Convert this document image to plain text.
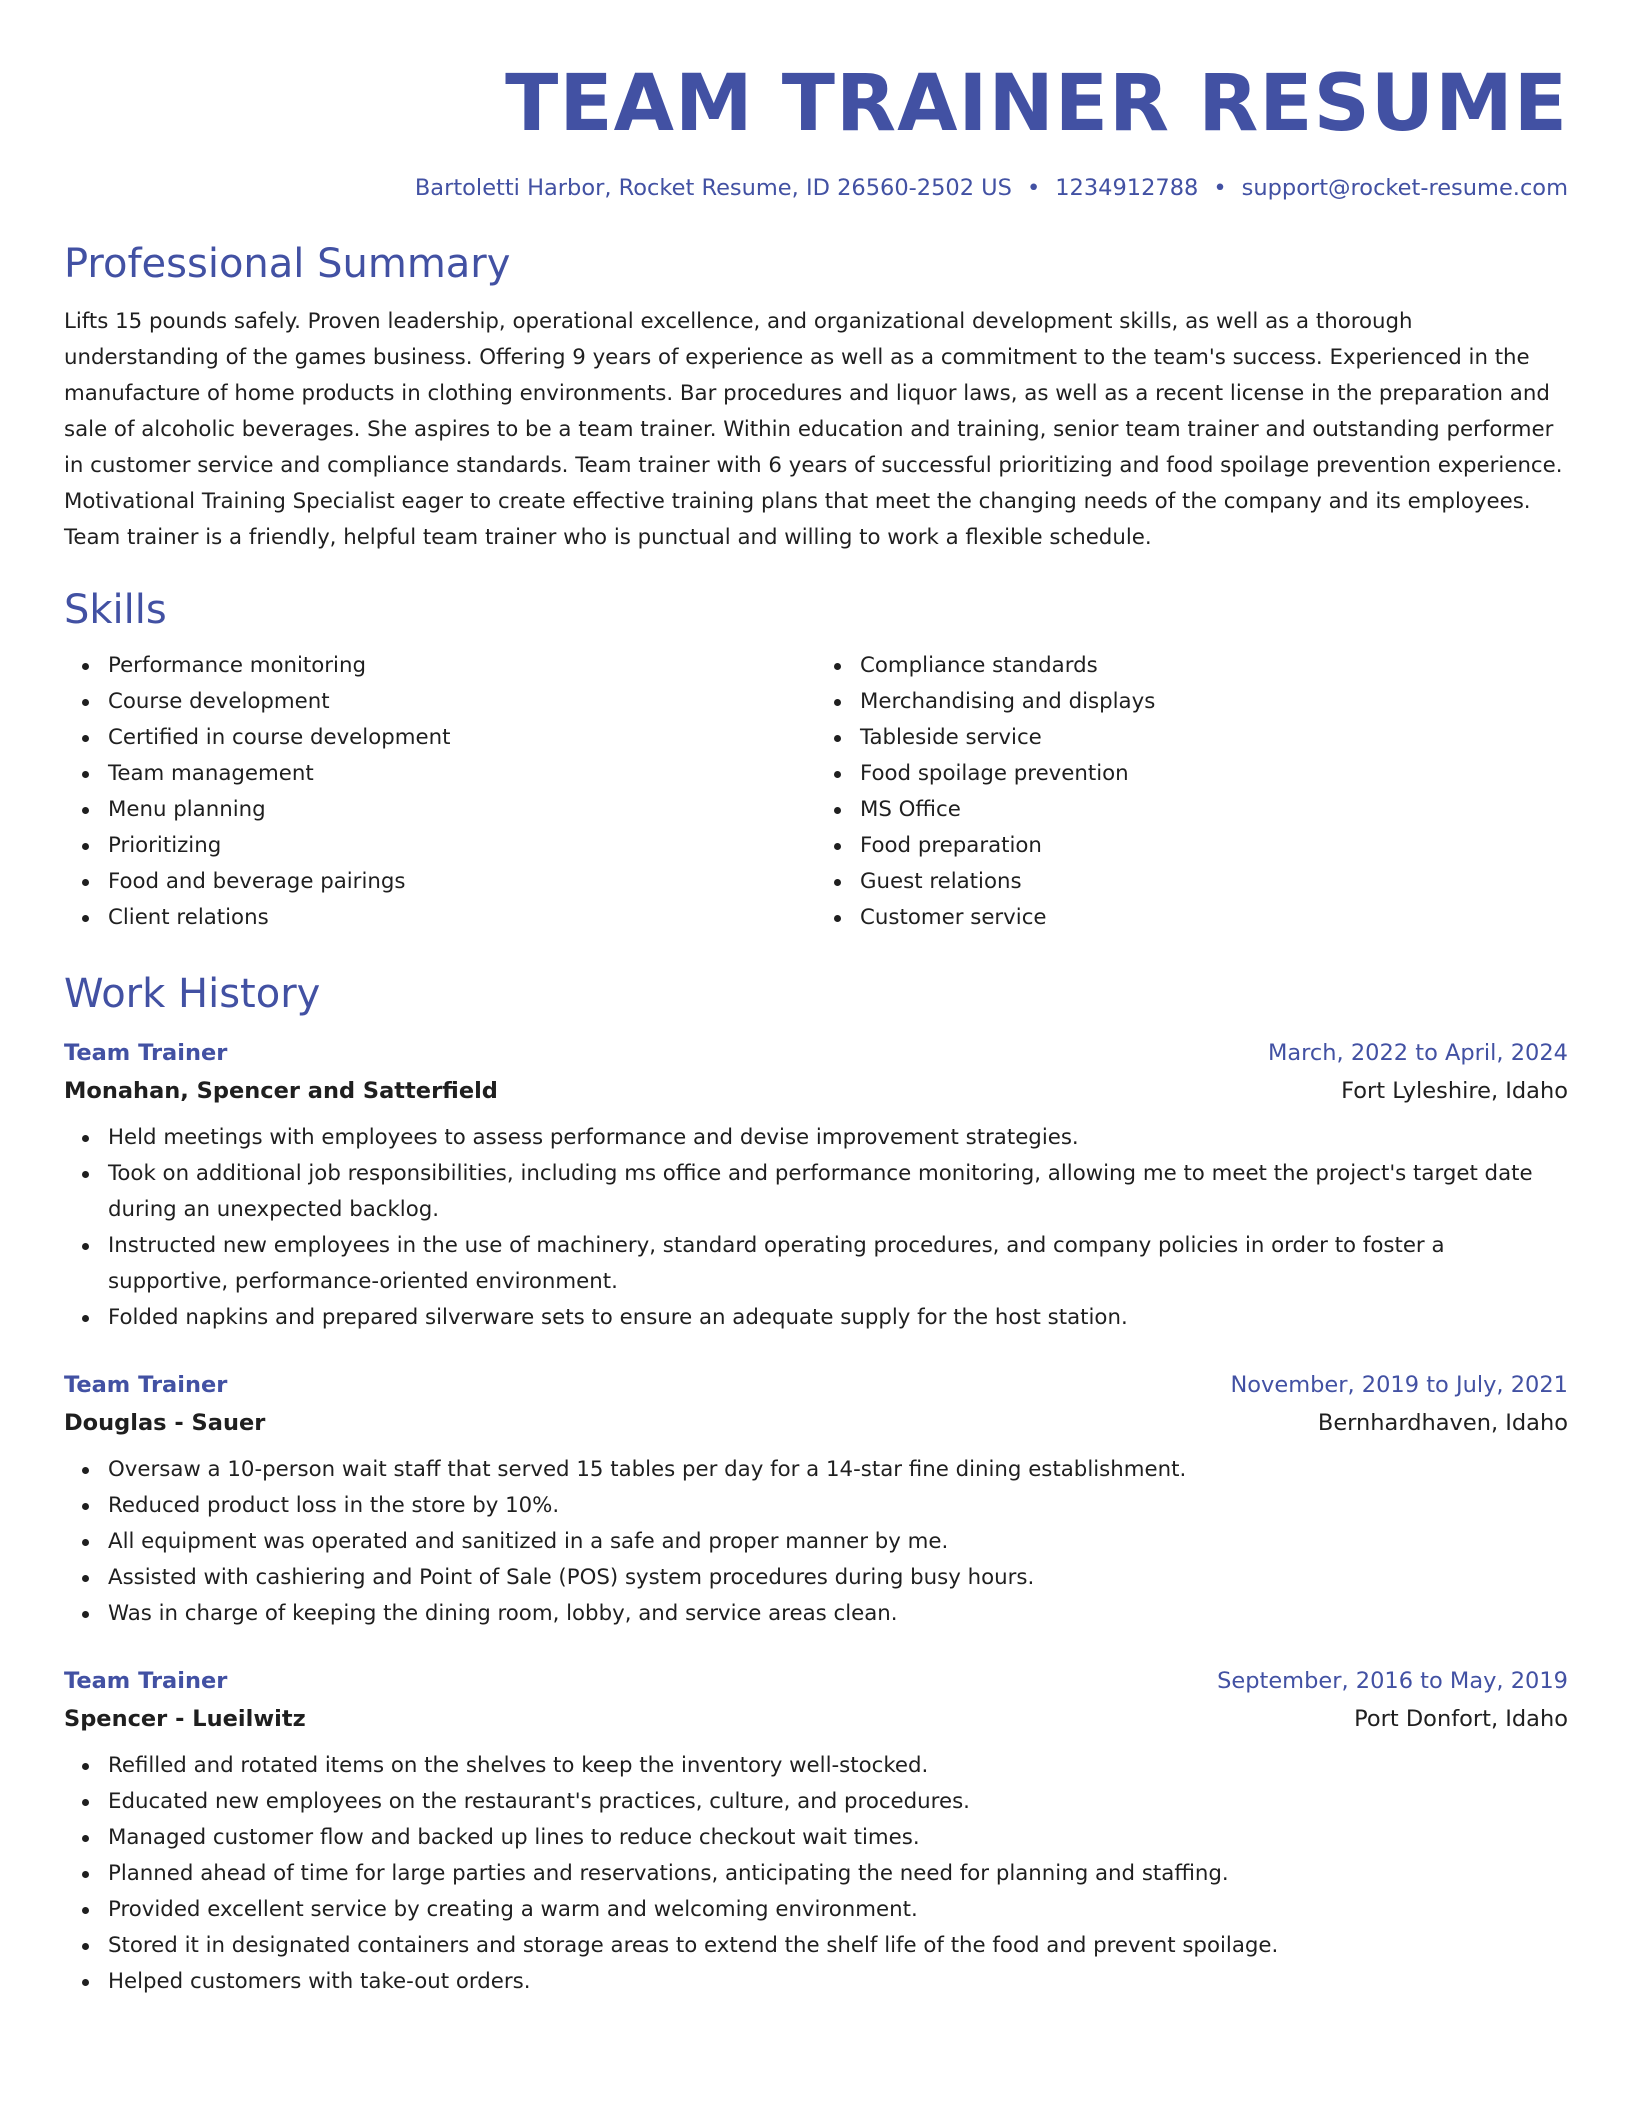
TEAM TRAINER RESUME
Bartoletti Harbor, Rocket Resume, ID 26560-2502 US • 1234912788 • support@rocket-resume.com
Professional Summary

Lifts 15 pounds safely. Proven leadership, operational excellence, and organizational development skills, as well as a thorough understanding of the games business. Offering 9 years of experience as well as a commitment to the team's success. Experienced in the manufacture of home products in clothing environments. Bar procedures and liquor laws, as well as a recent license in the preparation and sale of alcoholic beverages. She aspires to be a team trainer. Within education and training, senior team trainer and outstanding performer in customer service and compliance standards. Team trainer with 6 years of successful prioritizing and food spoilage prevention experience. Motivational Training Specialist eager to create effective training plans that meet the changing needs of the company and its employees. Team trainer is a friendly, helpful team trainer who is punctual and willing to work a flexible schedule.

Skills
Performance monitoring
Course development
Certified in course development
Team management
Menu planning
Prioritizing
Food and beverage pairings
Client relations
Compliance standards
Merchandising and displays
Tableside service
Food spoilage prevention
MS Office
Food preparation
Guest relations
Customer service
Work History
Team Trainer	March, 2022 to April, 2024
Monahan, Spencer and Satterfield	Fort Lyleshire, Idaho
Held meetings with employees to assess performance and devise improvement strategies.
Took on additional job responsibilities, including ms office and performance monitoring, allowing me to meet the project's target date during an unexpected backlog.
Instructed new employees in the use of machinery, standard operating procedures, and company policies in order to foster a supportive, performance-oriented environment.
Folded napkins and prepared silverware sets to ensure an adequate supply for the host station.
Team Trainer	November, 2019 to July, 2021
Douglas - Sauer	Bernhardhaven, Idaho
Oversaw a 10-person wait staff that served 15 tables per day for a 14-star fine dining establishment.
Reduced product loss in the store by 10%.
All equipment was operated and sanitized in a safe and proper manner by me.
Assisted with cashiering and Point of Sale (POS) system procedures during busy hours.
Was in charge of keeping the dining room, lobby, and service areas clean.
Team Trainer	September, 2016 to May, 2019
Spencer - Lueilwitz	Port Donfort, Idaho
Refilled and rotated items on the shelves to keep the inventory well-stocked.
Educated new employees on the restaurant's practices, culture, and procedures.
Managed customer flow and backed up lines to reduce checkout wait times.
Planned ahead of time for large parties and reservations, anticipating the need for planning and staffing.
Provided excellent service by creating a warm and welcoming environment.
Stored it in designated containers and storage areas to extend the shelf life of the food and prevent spoilage.
Helped customers with take-out orders.
